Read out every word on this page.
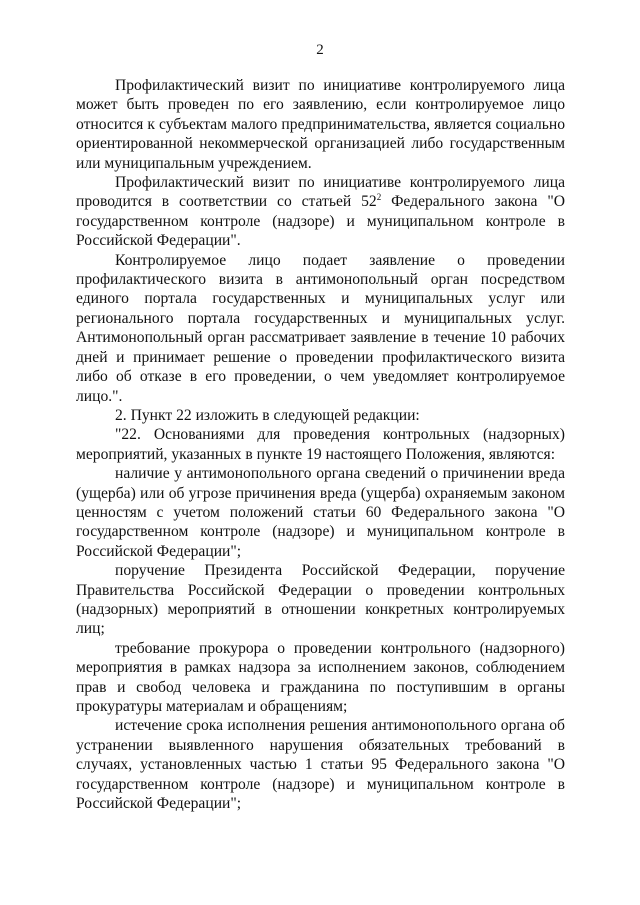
2

Профилактический визит по инициативе контролируемого лица может быть проведен по его заявлению, если контролируемое лицо относится к субъектам малого предпринимательства, является социально ориентированной некоммерческой организацией либо государственным или муниципальным учреждением.

Профилактический визит по инициативе контролируемого лица проводится в соответствии со статьей $52^2$ Федерального закона "О государственном контроле (надзоре) и муниципальном контроле в Российской Федерации".

Контролируемое лицо подает заявление о проведении профилактического визита в антимонопольный орган посредством единого портала государственных и муниципальных услуг или регионального портала государственных и муниципальных услуг. Антимонопольный орган рассматривает заявление в течение 10 рабочих дней и принимает решение о проведении профилактического визита либо об отказе в его проведении, о чем уведомляет контролируемое лицо.".

2. Пункт 22 изложить в следующей редакции:

"22. Основаниями для проведения контрольных (надзорных) мероприятий, указанных в пункте 19 настоящего Положения, являются:

наличие у антимонопольного органа сведений о причинении вреда (ущерба) или об угрозе причинения вреда (ущерба) охраняемым законом ценностям с учетом положений статьи 60 Федерального закона "О государственном контроле (надзоре) и муниципальном контроле в Российской Федерации";

поручение Президента Российской Федерации, поручение Правительства Российской Федерации о проведении контрольных (надзорных) мероприятий в отношении конкретных контролируемых лиц;

требование прокурора о проведении контрольного (надзорного) мероприятия в рамках надзора за исполнением законов, соблюдением прав и свобод человека и гражданина по поступившим в органы прокуратуры материалам и обращениям;

истечение срока исполнения решения антимонопольного органа об устранении выявленного нарушения обязательных требований в случаях, установленных частью 1 статьи 95 Федерального закона "О государственном контроле (надзоре) и муниципальном контроле в Российской Федерации";
